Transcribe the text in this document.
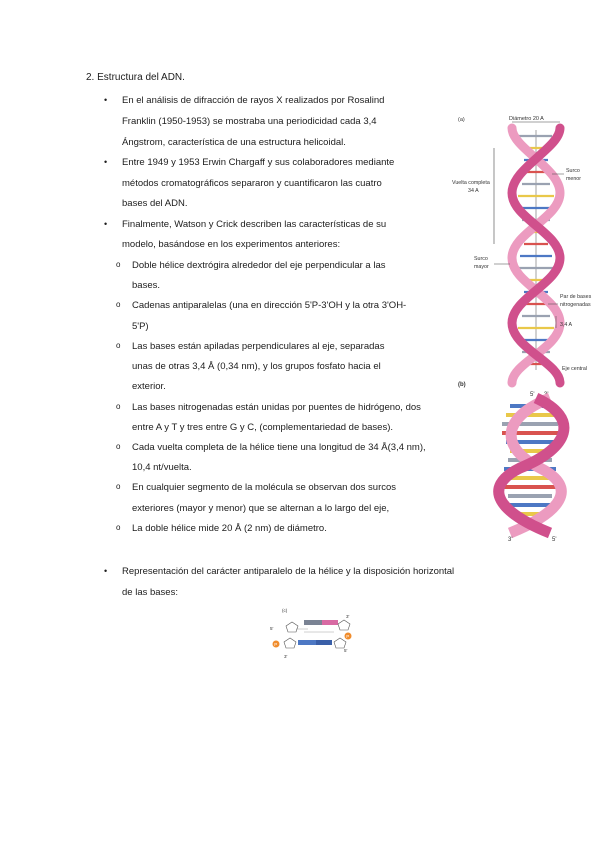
2. Estructura del ADN.
• En el análisis de difracción de rayos X realizados por Rosalind
Franklin (1950-1953) se mostraba una periodicidad cada 3,4
Ángstrom, característica de una estructura helicoidal.
• Entre 1949 y 1953 Erwin Chargaff y sus colaboradores mediante
métodos cromatográficos separaron y cuantificaron las cuatro
bases del ADN.
• Finalmente, Watson y Crick describen las características de su
modelo, basándose en los experimentos anteriores:
o Doble hélice dextrógira alrededor del eje perpendicular a las
bases.
o Cadenas antiparalelas (una en dirección 5'P-3'OH y la otra 3'OH-
5'P)
o Las bases están apiladas perpendiculares al eje, separadas
unas de otras 3,4 Å (0,34 nm), y los grupos fosfato hacia el
exterior.
o Las bases nitrogenadas están unidas por puentes de hidrógeno, dos
entre A y T y tres entre G y C, (complementariedad de bases).
o Cada vuelta completa de la hélice tiene una longitud de 34 Å(3,4 nm),
10,4 nt/vuelta.
o En cualquier segmento de la molécula se observan dos surcos
exteriores (mayor y menor) que se alternan a lo largo del eje,
o La doble hélice mide 20 Å (2 nm) de diámetro.
• Representación del carácter antiparalelo de la hélice y la disposición horizontal
de las bases:
(a)	Diámetro 20 A
Vuelta completa
34 A
Surco
menor
Surco
mayor
Par de bases
nitrogenadas
3,4 A
Eje central
(b)
5' 3'
3'	5'
(c)
5'
3'
5'
3'
P
P
